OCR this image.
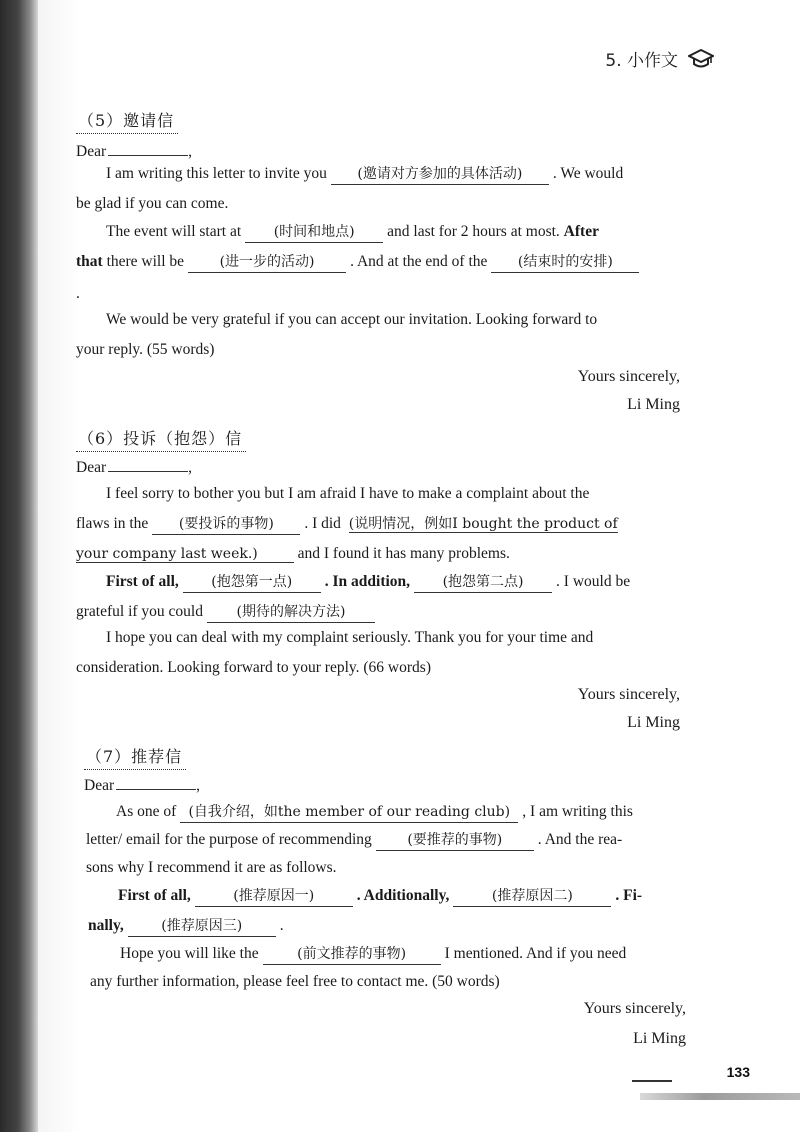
5. 小作文
（5）邀请信
Dear	,
I am writing this letter to invite you (邀请对方参加的具体活动) . We would
be glad if you can come.
The event will start at (时间和地点) and last for 2 hours at most. After
that there will be	(进一步的活动) . And at the end of the (结束时的安排)
.
We would be very grateful if you can accept our invitation. Looking forward to
your reply. (55 words)
Yours sincerely,
Li Ming
（6）投诉（抱怨）信
Dear	,
I feel sorry to bother you but I am afraid I have to make a complaint about the
flaws in the (要投诉的事物) . I did (说明情况，例如I bought the product of
your company last week.)	and I found it has many problems.
First of all, (抱怨第一点) . In addition, (抱怨第二点) . I would be
grateful if you could (期待的解决方法)
I hope you can deal with my complaint seriously. Thank you for your time and
consideration. Looking forward to your reply. (66 words)
Yours sincerely,
Li Ming
（7）推荐信
Dear	,
As one of (自我介绍，如the member of our reading club) , I am writing this
letter/ email for the purpose of recommending	(要推荐的事物) . And the rea-
sons why I recommend it are as follows.
First of all,	(推荐原因一)	. Additionally,	(推荐原因二)	. Fi-
nally,	(推荐原因三) .
Hope you will like the	(前文推荐的事物) I mentioned. And if you need
any further information, please feel free to contact me. (50 words)
Yours sincerely,
Li Ming
133
